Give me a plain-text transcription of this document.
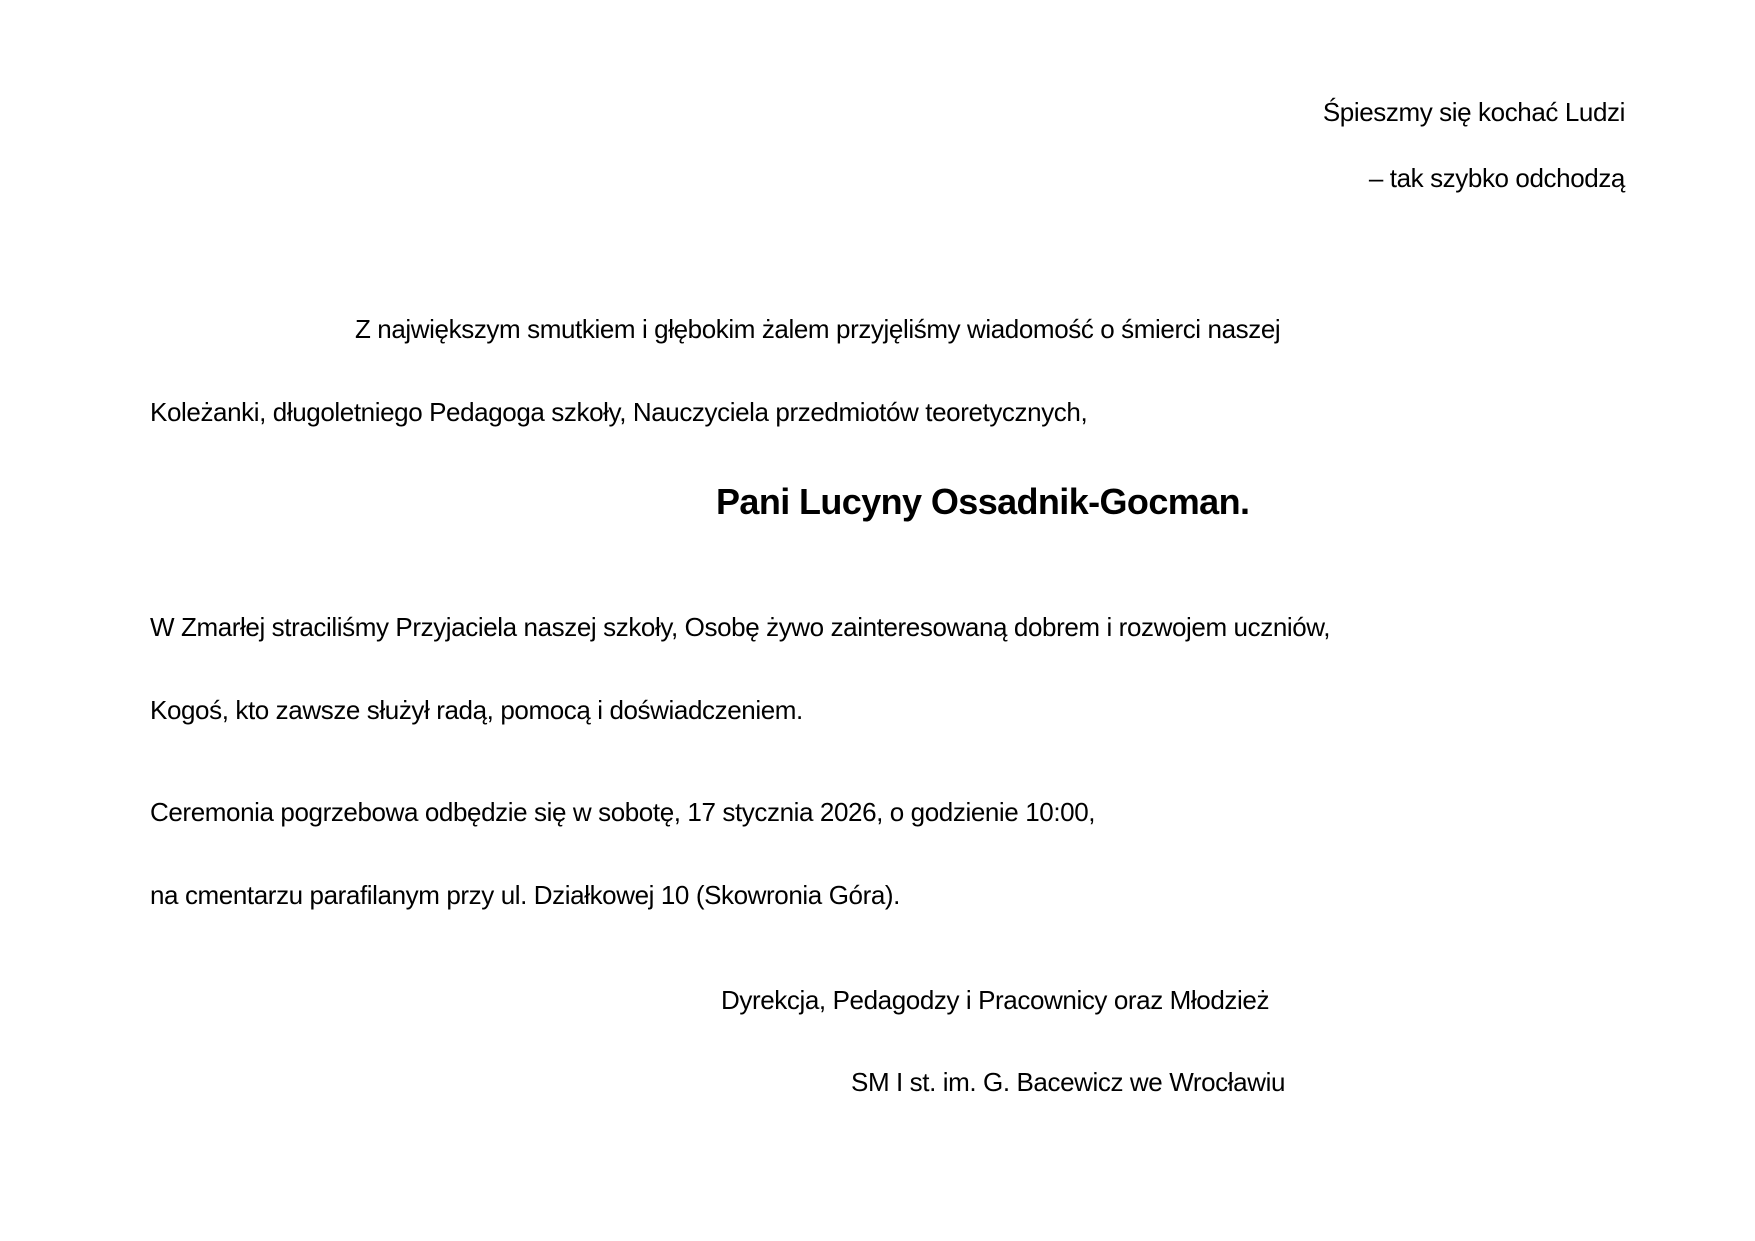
Śpieszmy się kochać Ludzi
– tak szybko odchodzą
Z największym smutkiem i głębokim żalem przyjęliśmy wiadomość o śmierci naszej
Koleżanki, długoletniego Pedagoga szkoły, Nauczyciela przedmiotów teoretycznych,
Pani Lucyny Ossadnik-Gocman.
W Zmarłej straciliśmy Przyjaciela naszej szkoły, Osobę żywo zainteresowaną dobrem i rozwojem uczniów,
Kogoś, kto zawsze służył radą, pomocą i doświadczeniem.
Ceremonia pogrzebowa odbędzie się w sobotę, 17 stycznia 2026, o godzienie 10:00,
na cmentarzu parafilanym przy ul. Działkowej 10 (Skowronia Góra).
Dyrekcja, Pedagodzy i Pracownicy oraz Młodzież
SM I st. im. G. Bacewicz we Wrocławiu
